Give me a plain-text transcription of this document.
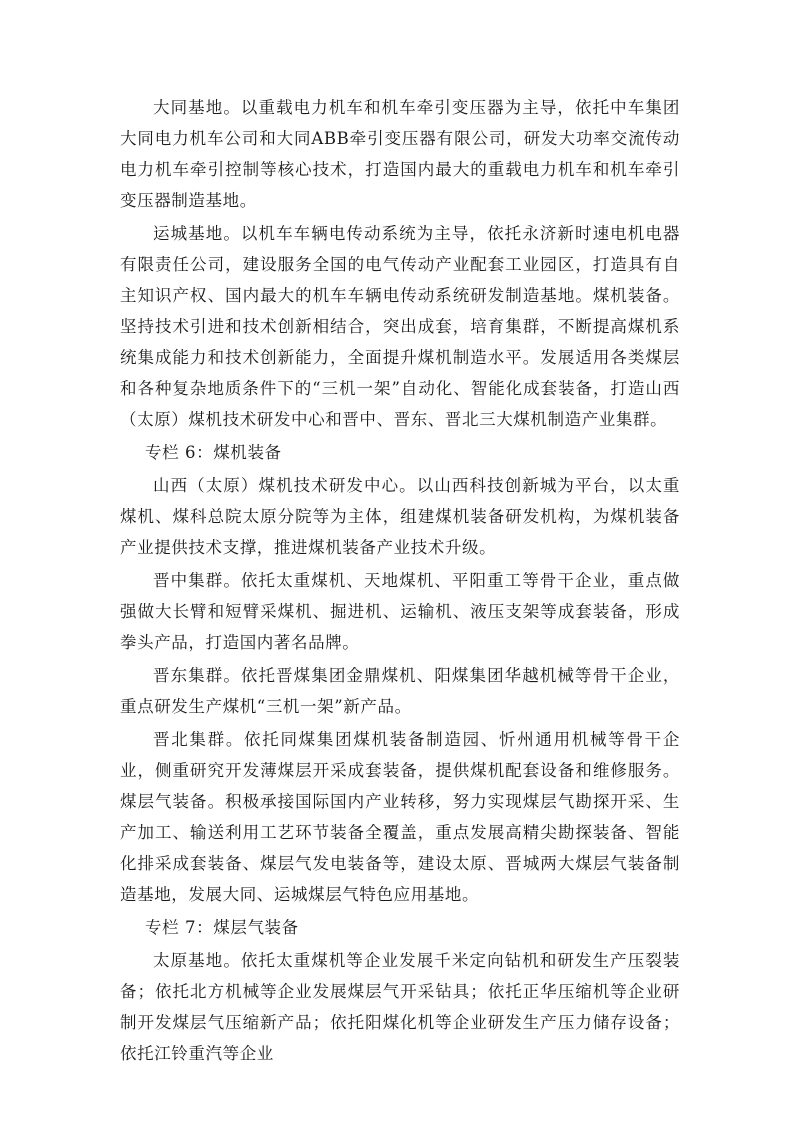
大同基地。以重载电力机车和机车牵引变压器为主导，依托中车集团大同电力机车公司和大同ABB牵引变压器有限公司，研发大功率交流传动电力机车牵引控制等核心技术，打造国内最大的重载电力机车和机车牵引变压器制造基地。

运城基地。以机车车辆电传动系统为主导，依托永济新时速电机电器有限责任公司，建设服务全国的电气传动产业配套工业园区，打造具有自主知识产权、国内最大的机车车辆电传动系统研发制造基地。煤机装备。坚持技术引进和技术创新相结合，突出成套，培育集群，不断提高煤机系统集成能力和技术创新能力，全面提升煤机制造水平。发展适用各类煤层和各种复杂地质条件下的“三机一架”自动化、智能化成套装备，打造山西（太原）煤机技术研发中心和晋中、晋东、晋北三大煤机制造产业集群。

专栏 6：煤机装备

山西（太原）煤机技术研发中心。以山西科技创新城为平台，以太重煤机、煤科总院太原分院等为主体，组建煤机装备研发机构，为煤机装备产业提供技术支撑，推进煤机装备产业技术升级。

晋中集群。依托太重煤机、天地煤机、平阳重工等骨干企业，重点做强做大长臂和短臂采煤机、掘进机、运输机、液压支架等成套装备，形成拳头产品，打造国内著名品牌。

晋东集群。依托晋煤集团金鼎煤机、阳煤集团华越机械等骨干企业，重点研发生产煤机“三机一架”新产品。

晋北集群。依托同煤集团煤机装备制造园、忻州通用机械等骨干企业，侧重研究开发薄煤层开采成套装备，提供煤机配套设备和维修服务。煤层气装备。积极承接国际国内产业转移，努力实现煤层气勘探开采、生产加工、输送利用工艺环节装备全覆盖，重点发展高精尖勘探装备、智能化排采成套装备、煤层气发电装备等，建设太原、晋城两大煤层气装备制造基地，发展大同、运城煤层气特色应用基地。

专栏 7：煤层气装备

太原基地。依托太重煤机等企业发展千米定向钻机和研发生产压裂装备；依托北方机械等企业发展煤层气开采钻具；依托正华压缩机等企业研制开发煤层气压缩新产品；依托阳煤化机等企业研发生产压力储存设备；依托江铃重汽等企业
